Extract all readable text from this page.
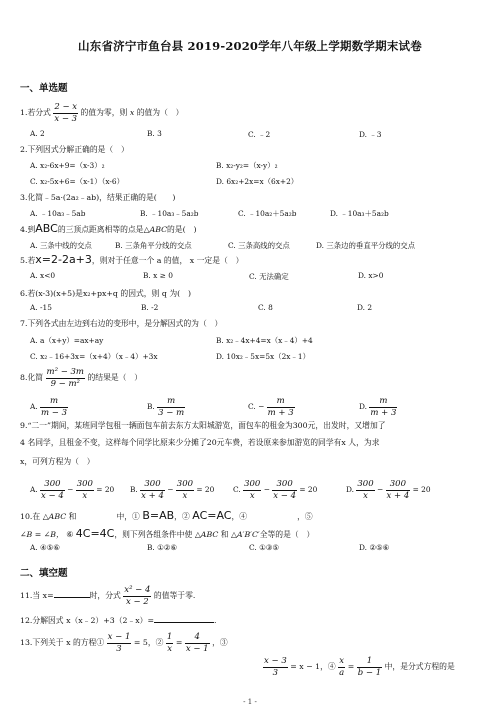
山东省济宁市鱼台县 2019-2020学年八年级上学期数学期末试卷
一、单选题
1.若分式 $\frac{2 - x}{x - 3}$ 的值为零，则 x 的值为（　）
A. 2	B. 3	C. ﹣2	D. ﹣3
2.下列因式分解正确的是（　）
A. x₂-6x+9=（x-3）₂	B. x₂-y₂=（x-y）₂
C. x₂-5x+6=（x-1）（x-6）	D. 6x₂+2x=x（6x+2）
3.化简﹣5a·(2a₂﹣ab)，结果正确的是(　　)
A. ﹣10a₃﹣5ab	B. ﹣10a₃﹣5a₂b	C. ﹣10a₂＋5a₂b	D. ﹣10a₃＋5a₂b
4.到ABC的三顶点距离相等的点是△ABC的是(　)
A. 三条中线的交点	B. 三条角平分线的交点	C. 三条高线的交点	D. 三条边的垂直平分线的交点
5.若x=2-2a+3，则对于任意一个 a 的值， x 一定是（　）
A. x<0	B. x ≥ 0	C. 无法确定	D. x>0
6.若(x-3)(x+5)是x₂+px+q 的因式，则 q 为(　)
A. -15	B. -2	C. 8	D. 2
7.下列各式由左边到右边的变形中，是分解因式的为（　）
A. a（x+y）=ax+ay	B. x₂﹣4x+4=x（x﹣4）+4
C. x₂﹣16+3x=（x+4）（x﹣4）+3x	D. 10x₂﹣5x=5x（2x﹣1）
8.化简 $\frac{\text{m² − 3m}}{\text{9 − m²}}$ 的结果是（　）
A. $\frac{m}{m - 3}$	B. $\frac{m}{3 - m}$	C. − $\frac{m}{m + 3}$	D. $\frac{m}{m + 3}$
9.“二一”期间，某班同学包租一辆面包车前去东方太阳城游览，面包车的租金为300元，出发时，又增加了
4 名同学，且租金不变，这样每个同学比原来少分摊了20元车费，若设原来参加游览的同学有x 人，为求
x，可列方程为（　）
A. $\frac{300}{x - 4} - \frac{300}{x} = 20$ B. $\frac{300}{x + 4} - \frac{300}{x} = 20$	C. $\frac{300}{x} - \frac{300}{x - 4} = 20$	D. $\frac{300}{x} - \frac{300}{x + 4} = 20$
10.在 △ABC 和	中，① B=AB，② AC=AC，④	，⑤
∠B = ∠B， ⑥ 4C=4C，则下列各组条件中使 △ABC 和 △A′B′C′全等的是（　）
A. ④⑤⑥	B. ①②⑥	C. ①③⑤	D. ②⑤⑥
二、填空题
11.当 x=	时，分式 $\frac{\text{x² − 4}}{x - 2}$ 的值等于零.
12.分解因式 x（x﹣2）+3（2﹣x）=	.
13.下列关于 x 的方程① $\frac{x - 1}{3} = 5$，② $\frac{1}{x} = \frac{4}{x - 1}$ ，③
$\frac{x - 3}{3} = x - 1$，④ $\frac{x}{a} = \frac{1}{b - 1}$ 中，是分式方程的是
- 1 -
